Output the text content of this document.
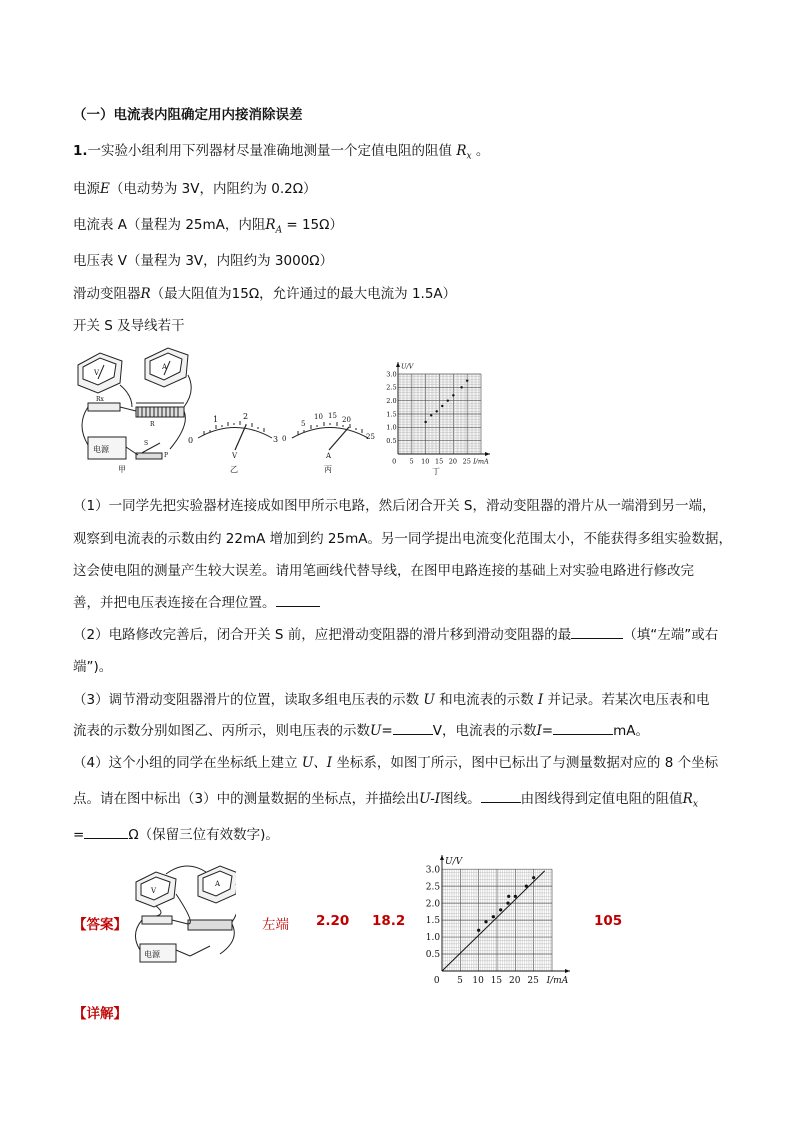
（一）电流表内阻确定用内接消除误差
1.一实验小组利用下列器材尽量准确地测量一个定值电阻的阻值 $R_x$ 。
电源E（电动势为 3V，内阻约为 0.2Ω）
电流表 A（量程为 25mA，内阻$R_A = 15\Omega$）
电压表 V（量程为 3V，内阻约为 3000Ω）
滑动变阻器R（最大阻值为15Ω，允许通过的最大电流为 1.5A）
开关 S 及导线若干
V
A
Rx
R
电源
S
P
甲
0
1	2
3
V
乙
0
5
10 15 20
25
A
丙
0.5
1.0
1.5
2.0
2.5
3.0
5 10 15 20 25
0
U/V
I/mA
丁
（1）一同学先把实验器材连接成如图甲所示电路，然后闭合开关 S，滑动变阻器的滑片从一端滑到另一端，
观察到电流表的示数由约 22mA 增加到约 25mA。另一同学提出电流变化范围太小，不能获得多组实验数据，
这会使电阻的测量产生较大误差。请用笔画线代替导线，在图甲电路连接的基础上对实验电路进行修改完
善，并把电压表连接在合理位置。
（2）电路修改完善后，闭合开关 S 前，应把滑动变阻器的滑片移到滑动变阻器的最	（填“左端”或右
端”)。
（3）调节滑动变阻器滑片的位置，读取多组电压表的示数 U 和电流表的示数 I 并记录。若某次电压表和电
流表的示数分别如图乙、丙所示，则电压表的示数U=	V，电流表的示数I=	mA。
（4）这个小组的同学在坐标纸上建立 U、I 坐标系，如图丁所示，图中已标出了与测量数据对应的 8 个坐标
点。请在图中标出（3）中的测量数据的坐标点，并描绘出U-I图线。	由图线得到定值电阻的阻值$R_x$
=	Ω（保留三位有效数字)。
【答案】
V
A
电源
左端 2.20 18.2
0.5
1.0
1.5
2.0
2.5
3.0
5 10 15 20 25
0
U/V
I/mA
105
【详解】
